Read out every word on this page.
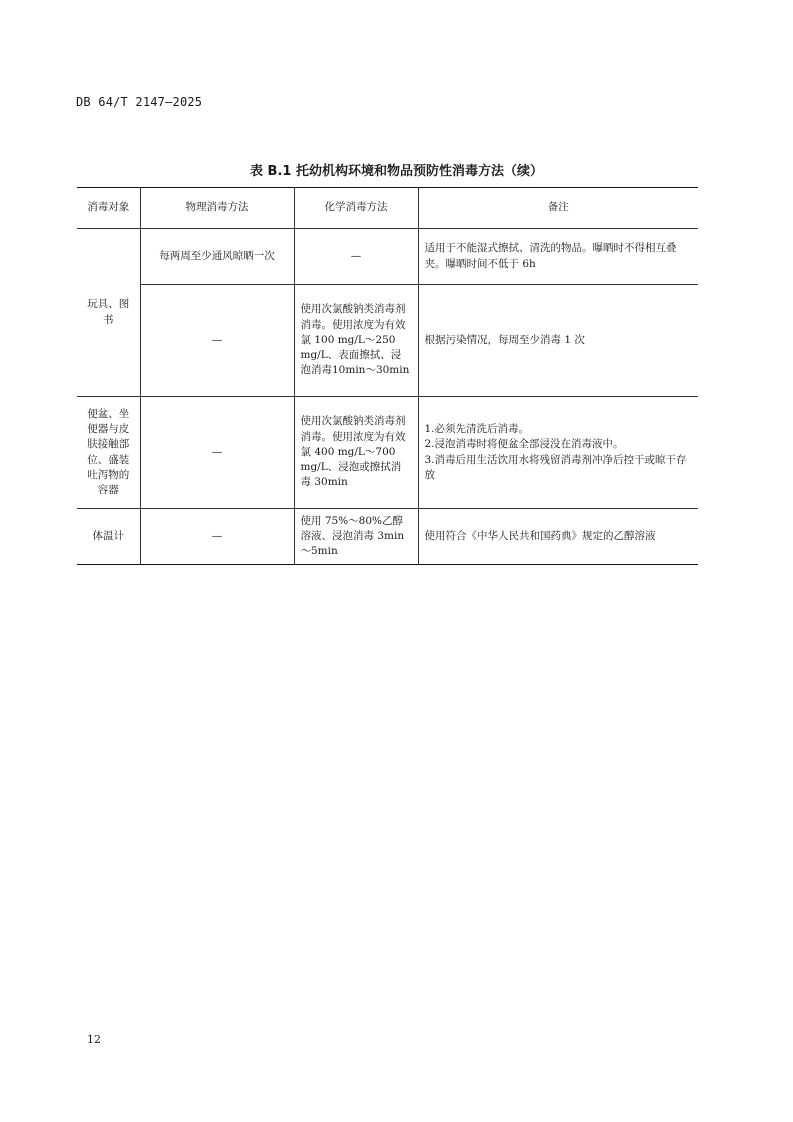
DB 64/T 2147—2025
表 B.1 托幼机构环境和物品预防性消毒方法（续）
消毒对象	物理消毒方法	化学消毒方法	备注
玩具、图书	每两周至少通风晾晒一次	—	适用于不能湿式擦拭、清洗的物品。曝晒时不得相互叠夹。曝晒时间不低于 6h

	—	使用次氯酸钠类消毒剂消毒。使用浓度为有效氯 100 mg/L～250 mg/L、表面擦拭、浸泡消毒10min～30min	根据污染情况，每周至少消毒 1 次

便盆、坐便器与皮肤接触部位、盛装吐泻物的容器	—	使用次氯酸钠类消毒剂消毒。使用浓度为有效氯 400 mg/L～700 mg/L、浸泡或擦拭消毒 30min	1.必须先清洗后消毒。
2.浸泡消毒时将便盆全部浸没在消毒液中。
3.消毒后用生活饮用水将残留消毒剂冲净后控干或晾干存放

体温计	—	使用 75%～80%乙醇溶液、浸泡消毒 3min～5min	使用符合《中华人民共和国药典》规定的乙醇溶液
12
